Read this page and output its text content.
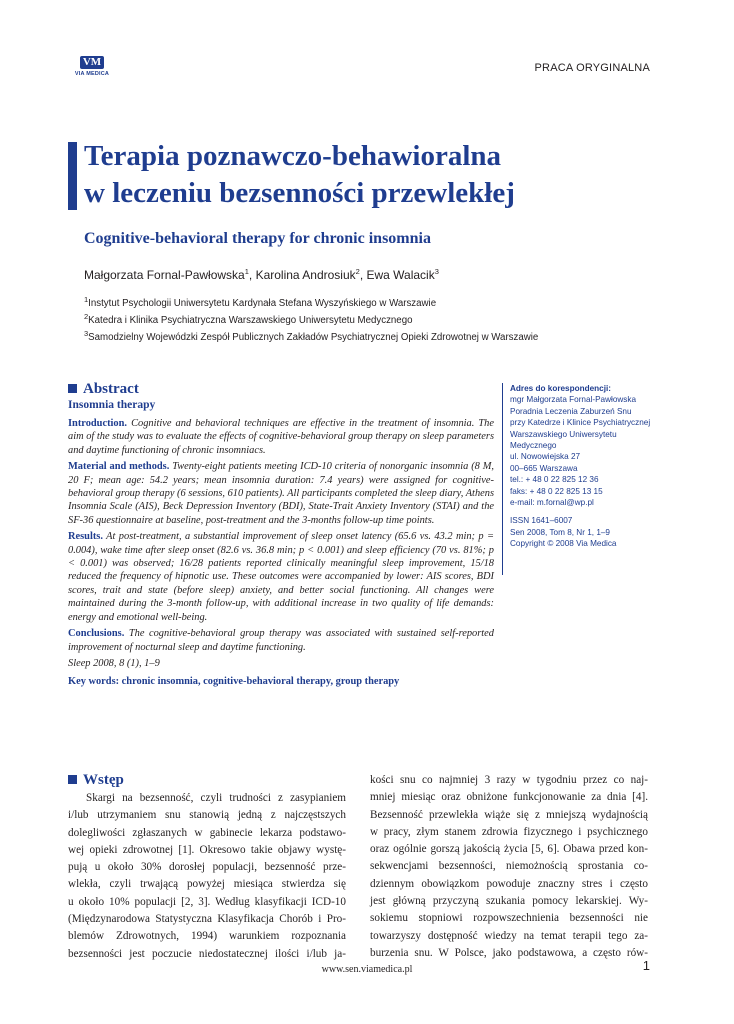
VM
VIA MEDICA	PRACA ORYGINALNA
Terapia poznawczo-behawioralna
w leczeniu bezsenności przewlekłej
Cognitive-behavioral therapy for chronic insomnia
Małgorzata Fornal-Pawłowska$^1$, Karolina Androsiuk$^2$, Ewa Walacik$^3$
$^1$Instytut Psychologii Uniwersytetu Kardynała Stefana Wyszyńskiego w Warszawie
$^2$Katedra i Klinika Psychiatryczna Warszawskiego Uniwersytetu Medycznego
$^3$Samodzielny Wojewódzki Zespół Publicznych Zakładów Psychiatrycznej Opieki Zdrowotnej w Warszawie
Abstract
Insomnia therapy

Introduction. Cognitive and behavioral techniques are effective in the treatment of insomnia. The aim of the study was to evaluate the effects of cognitive-behavioral group therapy on sleep parameters and daytime functioning of chronic insomniacs.

Material and methods. Twenty-eight patients meeting ICD-10 criteria of nonorganic insomnia (8 M, 20 F; mean age: 54.2 years; mean insomnia duration: 7.4 years) were assigned for cognitive-behavioral group therapy (6 sessions, 610 patients). All participants completed the sleep diary, Athens Insomnia Scale (AIS), Beck Depression Inventory (BDI), State-Trait Anxiety Inventory (STAI) and the SF-36 questionnaire at baseline, post-treatment and the 3-months follow-up time points.

Results. At post-treatment, a substantial improvement of sleep onset latency (65.6 vs. 43.2 min; p = 0.004), wake time after sleep onset (82.6 vs. 36.8 min; p < 0.001) and sleep efficiency (70 vs. 81%; p < 0.001) was observed; 16/28 patients reported clinically meaningful sleep improvement, 15/18 reduced the frequency of hipnotic use. These outcomes were accompanied by lower: AIS scores, BDI scores, trait and state (before sleep) anxiety, and better social functioning. All changes were maintained during the 3-month follow-up, with additional increase in two quality of life demands: energy and emotional well-being.

Conclusions. The cognitive-behavioral group therapy was associated with sustained self-reported improvement of nocturnal sleep and daytime functioning.

Sleep 2008, 8 (1), 1–9

Key words: chronic insomnia, cognitive-behavioral therapy, group therapy
Adres do korespondencji:
mgr Małgorzata Fornal-Pawłowska
Poradnia Leczenia Zaburzeń Snu
przy Katedrze i Klinice Psychiatrycznej
Warszawskiego Uniwersytetu
Medycznego
ul. Nowowiejska 27
00–665 Warszawa
tel.: + 48 0 22 825 12 36
faks: + 48 0 22 825 13 15
e-mail: m.fornal@wp.pl
ISSN 1641–6007
Sen 2008, Tom 8, Nr 1, 1–9
Copyright © 2008 Via Medica
Wstęp
Skargi na bezsenność, czyli trudności z zasypianiem
i/lub utrzymaniem snu stanowią jedną z najczęstszych
dolegliwości zgłaszanych w gabinecie lekarza podstawo-
wej opieki zdrowotnej [1]. Okresowo takie objawy wystę-
pują u około 30% dorosłej populacji, bezsenność prze-
wlekła, czyli trwającą powyżej miesiąca stwierdza się
u około 10% populacji [2, 3]. Według klasyfikacji ICD-10
(Międzynarodowa Statystyczna Klasyfikacja Chorób i Pro-
blemów Zdrowotnych, 1994) warunkiem rozpoznania
bezsenności jest poczucie niedostatecznej ilości i/lub ja-
kości snu co najmniej 3 razy w tygodniu przez co naj-
mniej miesiąc oraz obniżone funkcjonowanie za dnia [4].
Bezsenność przewlekła wiąże się z mniejszą wydajnością
w pracy, złym stanem zdrowia fizycznego i psychicznego
oraz ogólnie gorszą jakością życia [5, 6]. Obawa przed kon-
sekwencjami bezsenności, niemożnością sprostania co-
dziennym obowiązkom powoduje znaczny stres i często
jest główną przyczyną szukania pomocy lekarskiej. Wy-
sokiemu stopniowi rozpowszechnienia bezsenności nie
towarzyszy dostępność wiedzy na temat terapii tego za-
burzenia snu. W Polsce, jako podstawowa, a często rów-
www.sen.viamedica.pl	1
